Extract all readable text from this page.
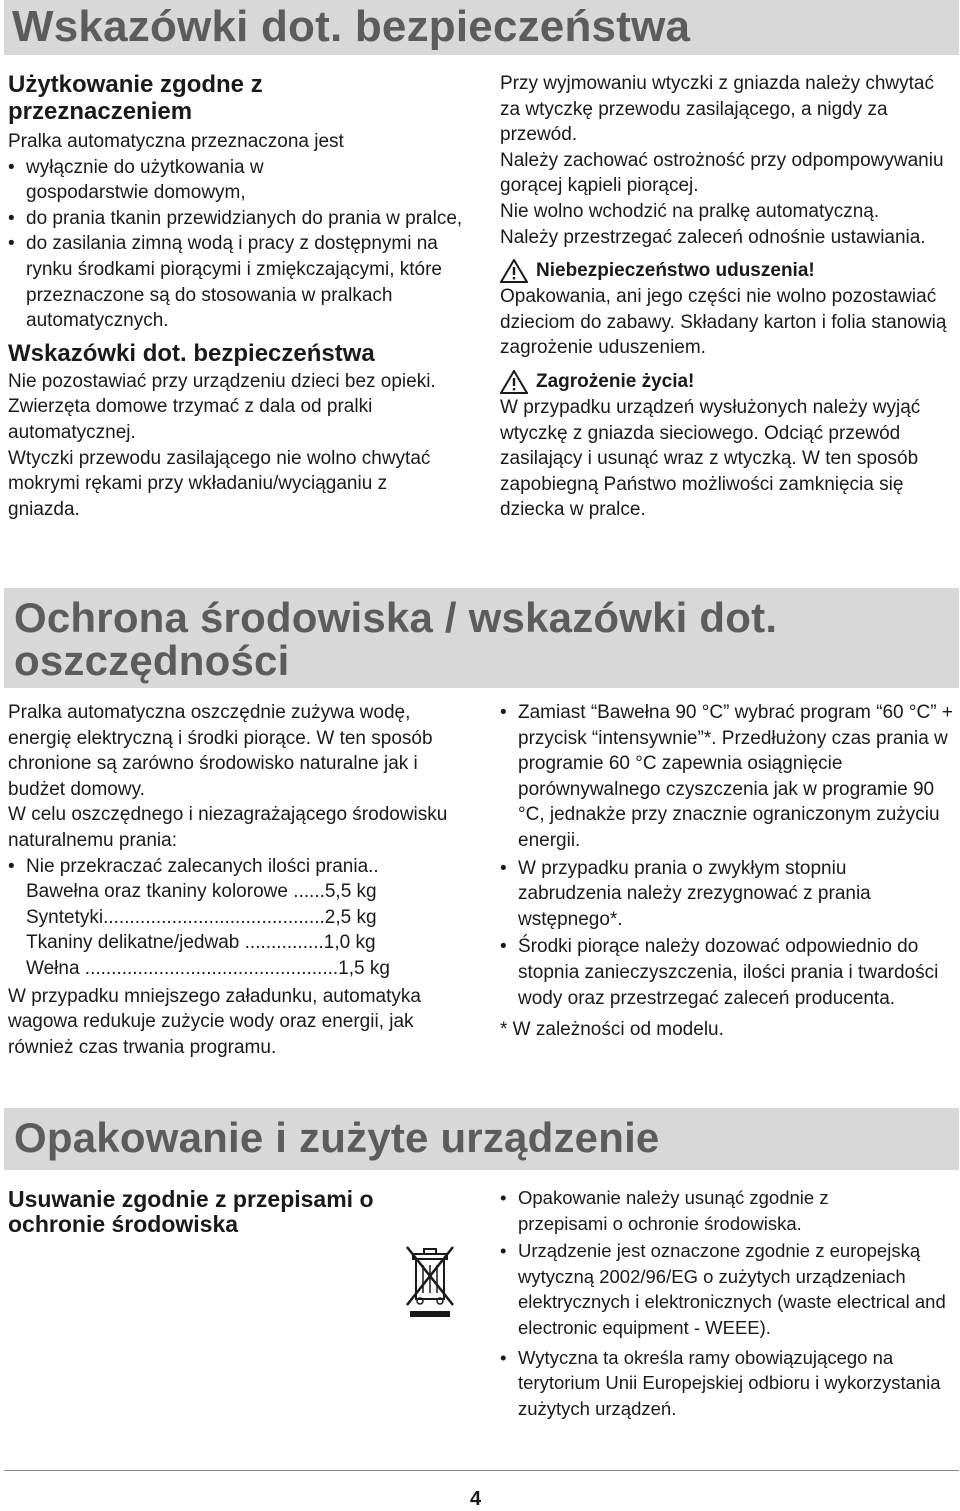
Wskazówki dot. bezpieczeństwa
Użytkowanie zgodne z przeznaczeniem
Pralka automatyczna przeznaczona jest
• wyłącznie do użytkowania w gospodarstwie domowym,
• do prania tkanin przewidzianych do prania w pralce,
• do zasilania zimną wodą i pracy z dostępnymi na rynku środkami piorącymi i zmiękczającymi, które przeznaczone są do stosowania w pralkach automatycznych.
Wskazówki dot. bezpieczeństwa
Nie pozostawiać przy urządzeniu dzieci bez opieki.
Zwierzęta domowe trzymać z dala od pralki automatycznej.
Wtyczki przewodu zasilającego nie wolno chwytać mokrymi rękami przy wkładaniu/wyciąganiu z gniazda.
Przy wyjmowaniu wtyczki z gniazda należy chwytać za wtyczkę przewodu zasilającego, a nigdy za przewód.
Należy zachować ostrożność przy odpompowywaniu gorącej kąpieli piorącej.
Nie wolno wchodzić na pralkę automatyczną.
Należy przestrzegać zaleceń odnośnie ustawiania.
Niebezpieczeństwo uduszenia!
Opakowania, ani jego części nie wolno pozostawiać dzieciom do zabawy. Składany karton i folia stanowią zagrożenie uduszeniem.
Zagrożenie życia!
W przypadku urządzeń wysłużonych należy wyjąć wtyczkę z gniazda sieciowego. Odciąć przewód zasilający i usunąć wraz z wtyczką. W ten sposób zapobiegną Państwo możliwości zamknięcia się dziecka w pralce.
Ochrona środowiska / wskazówki dot.
oszczędności
Pralka automatyczna oszczędnie zużywa wodę, energię elektryczną i środki piorące. W ten sposób chronione są zarówno środowisko naturalne jak i budżet domowy.
W celu oszczędnego i niezagrażającego środowisku naturalnemu prania:
• Nie przekraczać zalecanych ilości prania..
Bawełna oraz tkaniny kolorowe ......5,5 kg
Syntetyki..........................................2,5 kg
Tkaniny delikatne/jedwab ...............1,0 kg
Wełna ................................................1,5 kg
W przypadku mniejszego załadunku, automatyka wagowa redukuje zużycie wody oraz energii, jak również czas trwania programu.
• Zamiast “Bawełna 90 °C” wybrać program “60 °C” + przycisk “intensywnie”*. Przedłużony czas prania w programie 60 °C zapewnia osiągnięcie porównywalnego czyszczenia jak w programie 90 °C, jednakże przy znacznie ograniczonym zużyciu energii.
• W przypadku prania o zwykłym stopniu zabrudzenia należy zrezygnować z prania wstępnego*.
• Środki piorące należy dozować odpowiednio do stopnia zanieczyszczenia, ilości prania i twardości wody oraz przestrzegać zaleceń producenta.
* W zależności od modelu.
Opakowanie i zużyte urządzenie
Usuwanie zgodnie z przepisami o ochronie środowiska
• Opakowanie należy usunąć zgodnie z przepisami o ochronie środowiska.
• Urządzenie jest oznaczone zgodnie z europejską wytyczną 2002/96/EG o zużytych urządzeniach elektrycznych i elektronicznych (waste electrical and electronic equipment - WEEE).
• Wytyczna ta określa ramy obowiązującego na terytorium Unii Europejskiej odbioru i wykorzystania zużytych urządzeń.
4
